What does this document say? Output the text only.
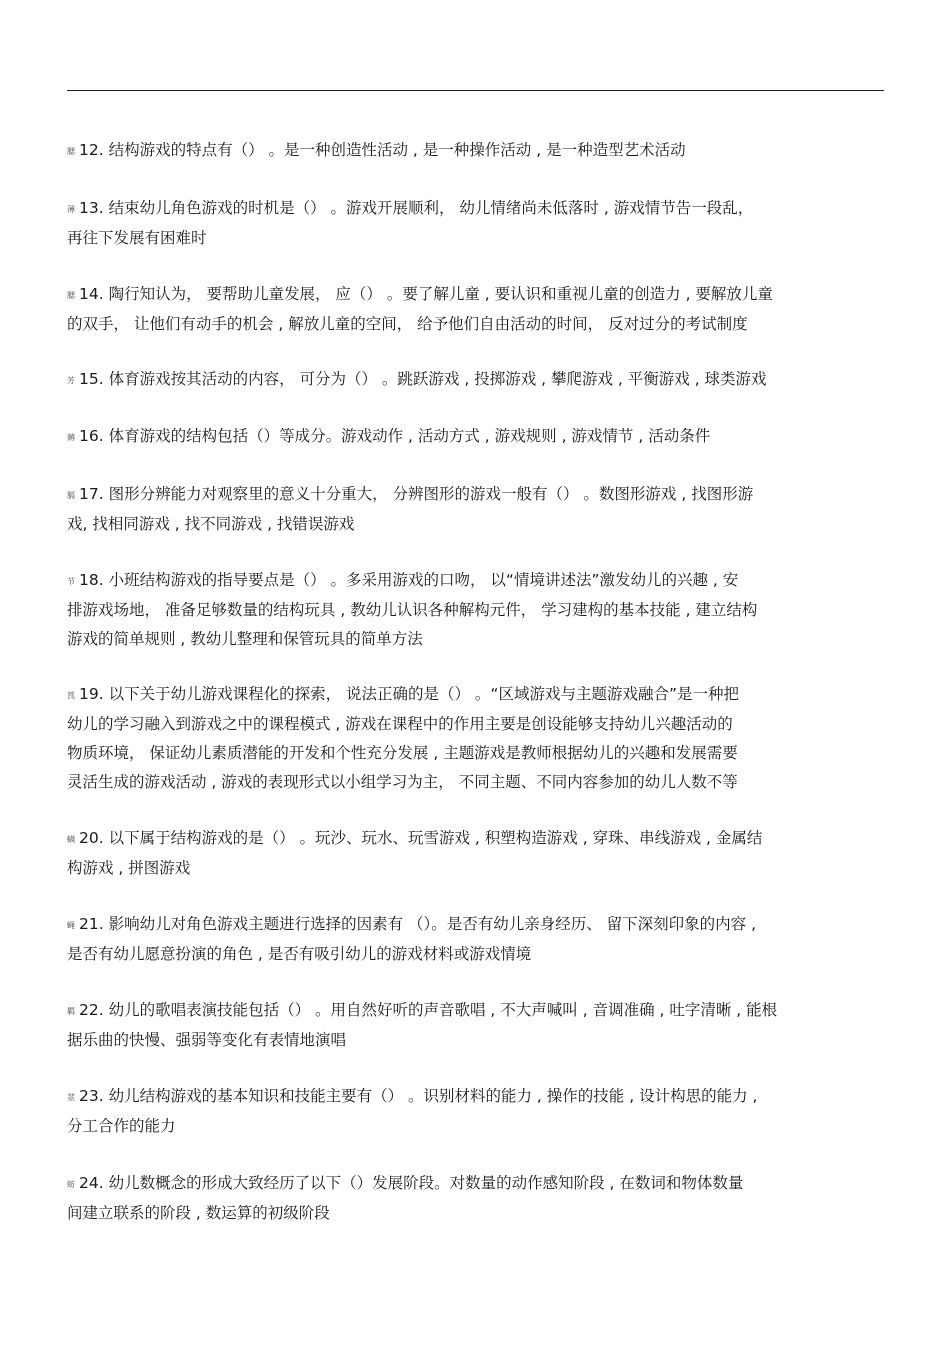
腮 12. 结构游戏的特点有（） 。是一种创造性活动 , 是一种操作活动 , 是一种造型艺术活动
薄 13. 结束幼儿角色游戏的时机是（） 。游戏开展顺利， 幼儿情绪尚未低落时 , 游戏情节告一段乱，
再往下发展有困难时
腮 14. 陶行知认为， 要帮助儿童发展， 应（） 。要了解儿童 , 要认识和重视儿童的创造力 , 要解放儿童
的双手， 让他们有动手的机会 , 解放儿童的空间， 给予他们自由活动的时间， 反对过分的考试制度
芳 15. 体育游戏按其活动的内容， 可分为（） 。跳跃游戏 , 投掷游戏 , 攀爬游戏 , 平衡游戏 , 球类游戏
薅 16. 体育游戏的结构包括（）等成分。游戏动作 , 活动方式 , 游戏规则 , 游戏情节 , 活动条件
膈 17. 图形分辨能力对观察里的意义十分重大， 分辨图形的游戏一般有（） 。数图形游戏 , 找图形游
戏, 找相同游戏 , 找不同游戏 , 找错误游戏
节 18. 小班结构游戏的指导要点是（） 。多采用游戏的口吻， 以“情境讲述法”激发幼儿的兴趣 , 安
排游戏场地， 准备足够数量的结构玩具 , 教幼儿认识各种解构元件， 学习建构的基本技能 , 建立结构
游戏的简单规则 , 教幼儿整理和保管玩具的简单方法
莨 19. 以下关于幼儿游戏课程化的探索， 说法正确的是（） 。“区域游戏与主题游戏融合”是一种把
幼儿的学习融入到游戏之中的课程模式 , 游戏在课程中的作用主要是创设能够支持幼儿兴趣活动的
物质环境， 保证幼儿素质潜能的开发和个性充分发展 , 主题游戏是教师根据幼儿的兴趣和发展需要
灵活生成的游戏活动 , 游戏的表现形式以小组学习为主， 不同主题、不同内容参加的幼儿人数不等
螨 20. 以下属于结构游戏的是（） 。玩沙、玩水、玩雪游戏 , 积塑构造游戏 , 穿珠、串线游戏 , 金属结
构游戏 , 拼图游戏
蝇 21. 影响幼儿对角色游戏主题进行选择的因素有 （）。是否有幼儿亲身经历、 留下深刻印象的内容 ,
是否有幼儿愿意扮演的角色 , 是否有吸引幼儿的游戏材料或游戏情境
羁 22. 幼儿的歌唱表演技能包括（） 。用自然好听的声音歌唱 , 不大声喊叫 , 音调准确 , 吐字清晰 , 能根
据乐曲的快慢、强弱等变化有表情地演唱
莁 23. 幼儿结构游戏的基本知识和技能主要有（） 。识别材料的能力 , 操作的技能 , 设计构思的能力 ,
分工合作的能力
蚄 24. 幼儿数概念的形成大致经历了以下（）发展阶段。对数量的动作感知阶段 , 在数词和物体数量
间建立联系的阶段 , 数运算的初级阶段
